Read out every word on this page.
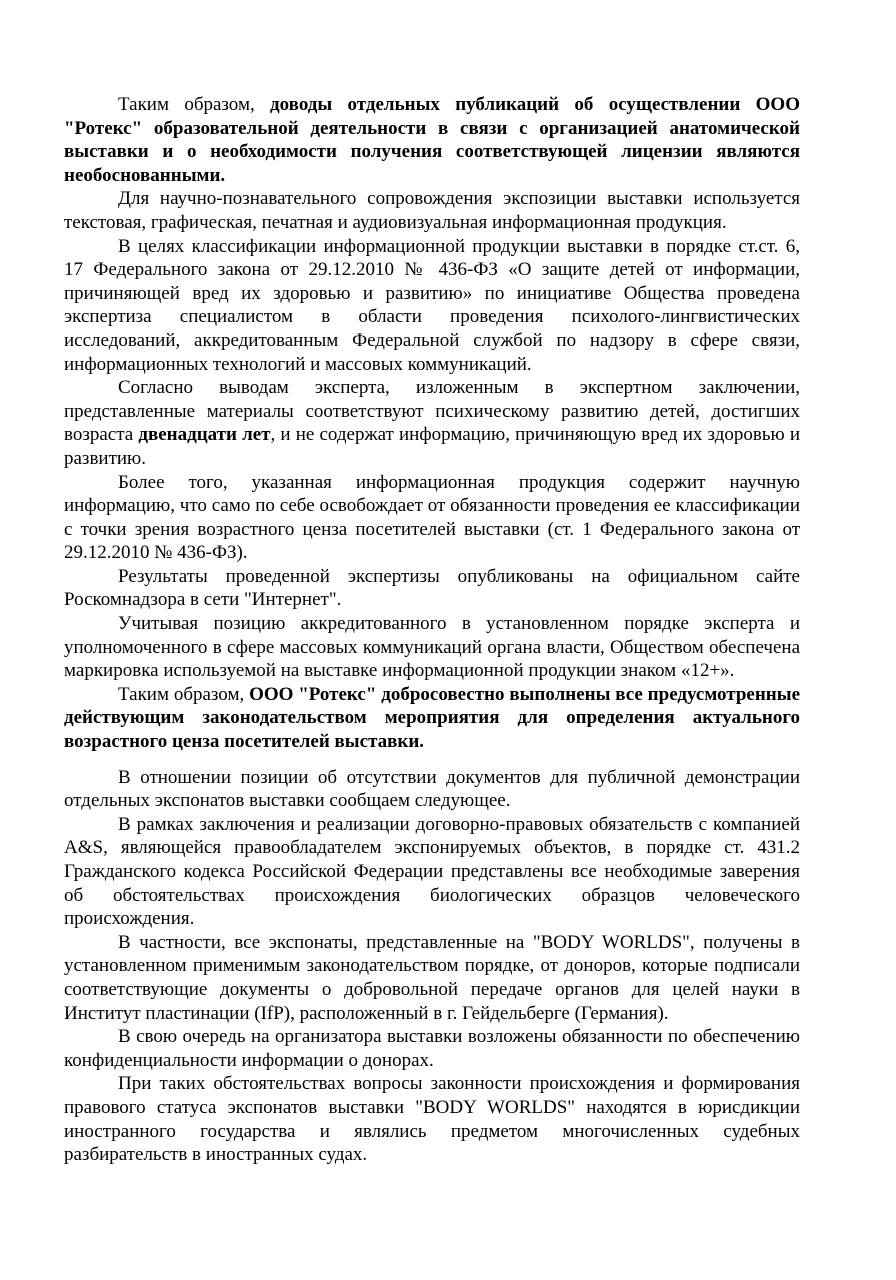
Таким образом, доводы отдельных публикаций об осуществлении ООО "Ротекс" образовательной деятельности в связи с организацией анатомической выставки и о необходимости получения соответствующей лицензии являются необоснованными.

Для научно-познавательного сопровождения экспозиции выставки используется текстовая, графическая, печатная и аудиовизуальная информационная продукция.

В целях классификации информационной продукции выставки в порядке ст.ст. 6, 17 Федерального закона от 29.12.2010 № 436-ФЗ «О защите детей от информации, причиняющей вред их здоровью и развитию» по инициативе Общества проведена экспертиза специалистом в области проведения психолого-лингвистических исследований, аккредитованным Федеральной службой по надзору в сфере связи, информационных технологий и массовых коммуникаций.

Согласно выводам эксперта, изложенным в экспертном заключении, представленные материалы соответствуют психическому развитию детей, достигших возраста двенадцати лет, и не содержат информацию, причиняющую вред их здоровью и развитию.

Более того, указанная информационная продукция содержит научную информацию, что само по себе освобождает от обязанности проведения ее классификации с точки зрения возрастного ценза посетителей выставки (ст. 1 Федерального закона от 29.12.2010 № 436-ФЗ).

Результаты проведенной экспертизы опубликованы на официальном сайте Роскомнадзора в сети "Интернет".

Учитывая позицию аккредитованного в установленном порядке эксперта и уполномоченного в сфере массовых коммуникаций органа власти, Обществом обеспечена маркировка используемой на выставке информационной продукции знаком «12+».

Таким образом, ООО "Ротекс" добросовестно выполнены все предусмотренные действующим законодательством мероприятия для определения актуального возрастного ценза посетителей выставки.

В отношении позиции об отсутствии документов для публичной демонстрации отдельных экспонатов выставки сообщаем следующее.

В рамках заключения и реализации договорно-правовых обязательств с компанией A&S, являющейся правообладателем экспонируемых объектов, в порядке ст. 431.2 Гражданского кодекса Российской Федерации представлены все необходимые заверения об обстоятельствах происхождения биологических образцов человеческого происхождения.

В частности, все экспонаты, представленные на "BODY WORLDS", получены в установленном применимым законодательством порядке, от доноров, которые подписали соответствующие документы о добровольной передаче органов для целей науки в Институт пластинации (IfP), расположенный в г. Гейдельберге (Германия).

В свою очередь на организатора выставки возложены обязанности по обеспечению конфиденциальности информации о донорах.

При таких обстоятельствах вопросы законности происхождения и формирования правового статуса экспонатов выставки "BODY WORLDS" находятся в юрисдикции иностранного государства и являлись предметом многочисленных судебных разбирательств в иностранных судах.
